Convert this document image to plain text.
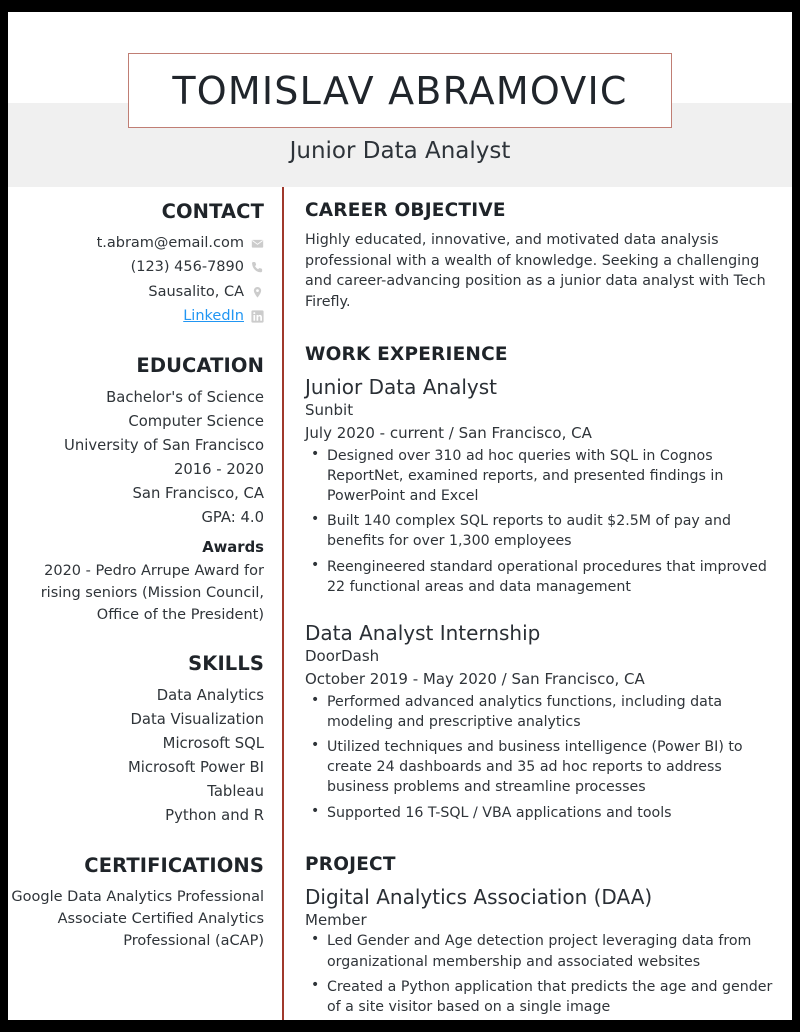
TOMISLAV ABRAMOVIC
Junior Data Analyst
CONTACT
t.abram@email.com
(123) 456-7890
Sausalito, CA
LinkedIn
EDUCATION
Bachelor's of Science
Computer Science
University of San Francisco
2016 - 2020
San Francisco, CA
GPA: 4.0
Awards
2020 - Pedro Arrupe Award for rising seniors (Mission Council, Office of the President)
SKILLS
Data Analytics
Data Visualization
Microsoft SQL
Microsoft Power BI
Tableau
Python and R
CERTIFICATIONS
Google Data Analytics Professional
Associate Certified Analytics Professional (aCAP)
CAREER OBJECTIVE
Highly educated, innovative, and motivated data analysis professional with a wealth of knowledge. Seeking a challenging and career-advancing position as a junior data analyst with Tech Firefly.
WORK EXPERIENCE
Junior Data Analyst
Sunbit
July 2020 - current / San Francisco, CA
• Designed over 310 ad hoc queries with SQL in Cognos ReportNet, examined reports, and presented findings in PowerPoint and Excel
• Built 140 complex SQL reports to audit $2.5M of pay and benefits for over 1,300 employees
• Reengineered standard operational procedures that improved 22 functional areas and data management
Data Analyst Internship
DoorDash
October 2019 - May 2020 / San Francisco, CA
• Performed advanced analytics functions, including data modeling and prescriptive analytics
• Utilized techniques and business intelligence (Power BI) to create 24 dashboards and 35 ad hoc reports to address business problems and streamline processes
• Supported 16 T-SQL / VBA applications and tools
PROJECT
Digital Analytics Association (DAA)
Member
• Led Gender and Age detection project leveraging data from organizational membership and associated websites
• Created a Python application that predicts the age and gender of a site visitor based on a single image
